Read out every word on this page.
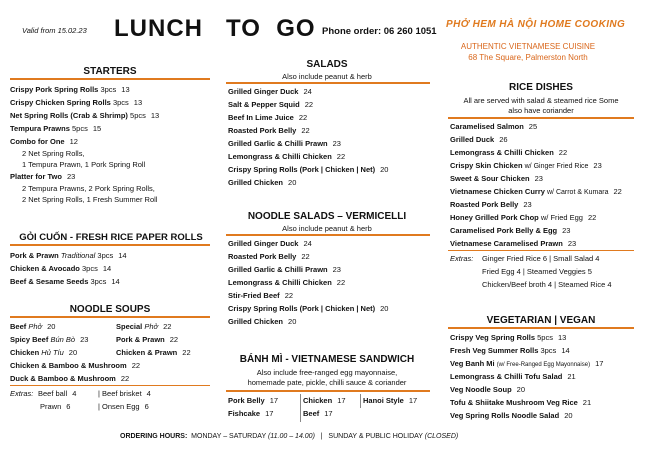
Valid from 15.02.23 LUNCH   TO  GO Phone order: 06 260 1051
PHỞ HEM HÀ NỘI HOME COOKING
AUTHENTIC VIETNAMESE CUISINE
68 The Square, Palmerston North
STARTERS
Crispy Pork Spring Rolls 3pcs 13
Crispy Chicken Spring Rolls 3pcs 13
Net Spring Rolls (Crab & Shrimp) 5pcs 13
Tempura Prawns 5pcs 15
Combo for One 12
2 Net Spring Rolls,
1 Tempura Prawn, 1 Pork Spring Roll
Platter for Two 23
2 Tempura Prawns, 2 Pork Spring Rolls,
2 Net Spring Rolls, 1 Fresh Summer Roll
GỎI CUỐN - FRESH RICE PAPER ROLLS
Pork & Prawn Traditional 3pcs 14
Chicken & Avocado 3pcs 14
Beef & Sesame Seeds 3pcs 14
NOODLE SOUPS
Beef Phở 20
Spicy Beef Bún Bò 23
Chicken Hủ Tíu 20
Special Phở 22
Pork & Prawn 22
Chicken & Prawn 22
Chicken & Bamboo & Mushroom 22
Duck & Bamboo & Mushroom 22
Extras: Beef ball 4	| Beef brisket 4
Prawn 6	| Onsen Egg 6
SALADS
Also include peanut & herb
Grilled Ginger Duck 24
Salt & Pepper Squid 22
Beef In Lime Juice 22
Roasted Pork Belly 22
Grilled Garlic & Chilli Prawn 23
Lemongrass & Chilli Chicken 22
Crispy Spring Rolls (Pork | Chicken | Net) 20
Grilled Chicken 20
NOODLE SALADS – VERMICELLI
Also include peanut & herb
Grilled Ginger Duck 24
Roasted Pork Belly 22
Grilled Garlic & Chilli Prawn 23
Lemongrass & Chilli Chicken 22
Stir-Fried Beef 22
Crispy Spring Rolls (Pork | Chicken | Net) 20
Grilled Chicken 20
BÁNH MÌ - VIETNAMESE SANDWICH
Also include free-ranged egg mayonnaise,
homemade pate, pickle, chilli sauce & coriander
Pork Belly 17	Chicken 17 Hanoi Style 17
Fishcake 17	Beef 17
RICE DISHES
All are served with salad & steamed rice Some
also have coriander
Caramelised Salmon 25
Grilled Duck 26
Lemongrass & Chilli Chicken 22
Crispy Skin Chicken w/ Ginger Fried Rice 23
Sweet & Sour Chicken 23
Vietnamese Chicken Curry w/ Carrot & Kumara 22
Roasted Pork Belly 23
Honey Grilled Pork Chop w/ Fried Egg 22
Caramelised Pork Belly & Egg 23
Vietnamese Caramelised Prawn 23
Extras: Ginger Fried Rice 6 | Small Salad 4
Fried Egg 4 | Steamed Veggies 5
Chicken/Beef broth 4 | Steamed Rice 4
VEGETARIAN | VEGAN
Crispy Veg Spring Rolls 5pcs 13
Fresh Veg Summer Rolls 3pcs 14
Veg Banh Mi (w/ Free-Ranged Egg Mayonnaise) 17
Lemongrass & Chilli Tofu Salad 21
Veg Noodle Soup 20
Tofu & Shiitake Mushroom Veg Rice 21
Veg Spring Rolls Noodle Salad 20
ORDERING HOURS: MONDAY – SATURDAY (11.00 – 14.00) | SUNDAY & PUBLIC HOLIDAY (CLOSED)
